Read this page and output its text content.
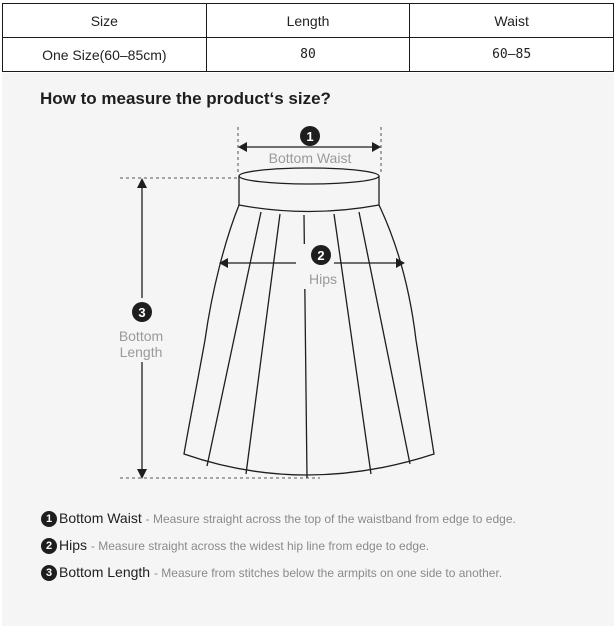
Size	Length	Waist
One Size(60–85cm)	80	60–85
How to measure the product‘s size?
1
Bottom Waist
2
Hips
3
Bottom
Length
1 Bottom Waist - Measure straight across the top of the waistband from edge to edge.
2 Hips - Measure straight across the widest hip line from edge to edge.
3 Bottom Length - Measure from stitches below the armpits on one side to another.
